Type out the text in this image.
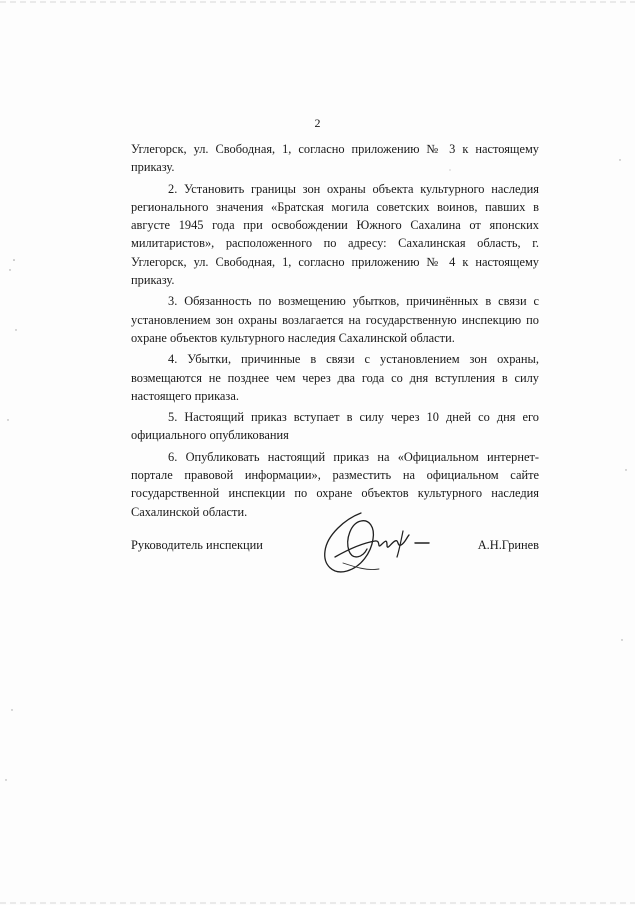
2

Углегорск, ул. Свободная, 1, согласно приложению № 3 к настоящему приказу.

2. Установить границы зон охраны объекта культурного наследия регионального значения «Братская могила советских воинов, павших в августе 1945 года при освобождении Южного Сахалина от японских милитаристов», расположенного по адресу: Сахалинская область, г. Углегорск, ул. Свободная, 1, согласно приложению № 4 к настоящему приказу.

3. Обязанность по возмещению убытков, причинённых в связи с установлением зон охраны возлагается на государственную инспекцию по охране объектов культурного наследия Сахалинской области.

4. Убытки, причинные в связи с установлением зон охраны, возмещаются не позднее чем через два года со дня вступления в силу настоящего приказа.

5. Настоящий приказ вступает в силу через 10 дней со дня его официального опубликования

6. Опубликовать настоящий приказ на «Официальном интернет-портале правовой информации», разместить на официальном сайте государственной инспекции по охране объектов культурного наследия Сахалинской области.

Руководитель инспекции	А.Н.Гринев
